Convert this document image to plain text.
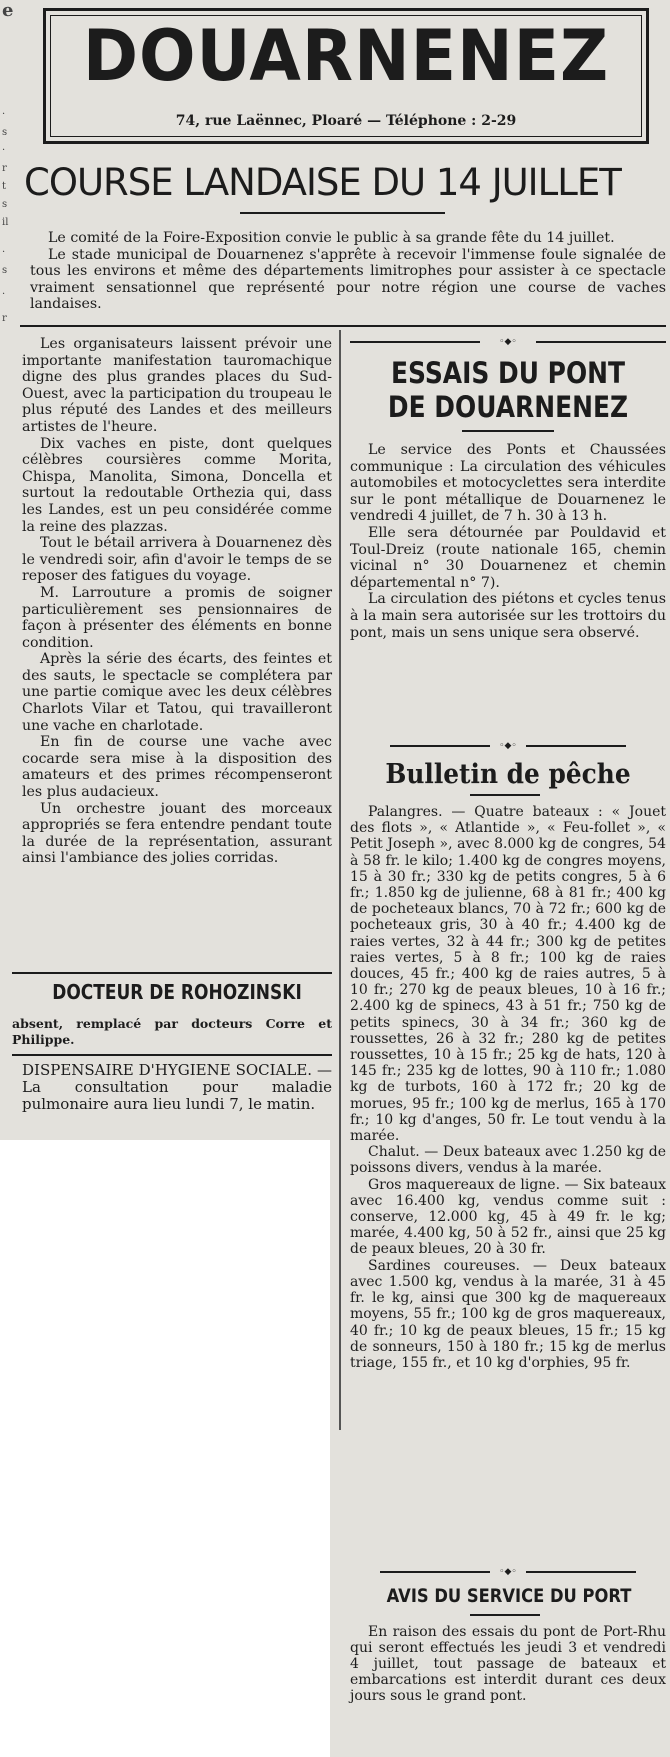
e
·
s
·
r
t
s
il
·
s
·
r
DOUARNENEZ
74, rue Laënnec, Ploaré — Téléphone : 2-29
COURSE LANDAISE DU 14 JUILLET

Le comité de la Foire-Exposition convie le public à sa grande fête du 14 juillet.

Le stade municipal de Douarnenez s'apprête à recevoir l'immense foule signalée de tous les environs et même des départements limitrophes pour assister à ce spectacle vraiment sensationnel que représenté pour notre région une course de vaches landaises.

Les organisateurs laissent prévoir une importante manifestation tauromachique digne des plus grandes places du Sud-Ouest, avec la participation du troupeau le plus réputé des Landes et des meilleurs artistes de l'heure.

Dix vaches en piste, dont quelques célèbres coursières comme Morita, Chispa, Manolita, Simona, Doncella et surtout la redoutable Orthezia qui, dass les Landes, est un peu considérée comme la reine des plazzas.

Tout le bétail arrivera à Douarnenez dès le vendredi soir, afin d'avoir le temps de se reposer des fatigues du voyage.

M. Larrouture a promis de soigner particulièrement ses pensionnaires de façon à présenter des éléments en bonne condition.

Après la série des écarts, des feintes et des sauts, le spectacle se complétera par une partie comique avec les deux célèbres Charlots Vilar et Tatou, qui travailleront une vache en charlotade.

En fin de course une vache avec cocarde sera mise à la disposition des amateurs et des primes récompenseront les plus audacieux.

Un orchestre jouant des morceaux appropriés se fera entendre pendant toute la durée de la représentation, assurant ainsi l'ambiance des jolies corridas.

DOCTEUR DE ROHOZINSKI
absent, remplacé par docteurs Corre et Philippe.
DISPENSAIRE D'HYGIENE SOCIALE. — La consultation pour maladie pulmonaire aura lieu lundi 7, le matin.
◦◆◦
ESSAIS DU PONT
DE DOUARNENEZ

Le service des Ponts et Chaussées communique : La circulation des véhicules automobiles et motocyclettes sera interdite sur le pont métallique de Douarnenez le vendredi 4 juillet, de 7 h. 30 à 13 h.

Elle sera détournée par Pouldavid et Toul-Dreiz (route nationale 165, chemin vicinal n° 30 Douarnenez et chemin départemental n° 7).

La circulation des piétons et cycles tenus à la main sera autorisée sur les trottoirs du pont, mais un sens unique sera observé.

◦◆◦
Bulletin de pêche

Palangres. — Quatre bateaux : « Jouet des flots », « Atlantide », « Feu-follet », « Petit Joseph », avec 8.000 kg de congres, 54 à 58 fr. le kilo; 1.400 kg de congres moyens, 15 à 30 fr.; 330 kg de petits congres, 5 à 6 fr.; 1.850 kg de julienne, 68 à 81 fr.; 400 kg de pocheteaux blancs, 70 à 72 fr.; 600 kg de pocheteaux gris, 30 à 40 fr.; 4.400 kg de raies vertes, 32 à 44 fr.; 300 kg de petites raies vertes, 5 à 8 fr.; 100 kg de raies douces, 45 fr.; 400 kg de raies autres, 5 à 10 fr.; 270 kg de peaux bleues, 10 à 16 fr.; 2.400 kg de spinecs, 43 à 51 fr.; 750 kg de petits spinecs, 30 à 34 fr.; 360 kg de roussettes, 26 à 32 fr.; 280 kg de petites roussettes, 10 à 15 fr.; 25 kg de hats, 120 à 145 fr.; 235 kg de lottes, 90 à 110 fr.; 1.080 kg de turbots, 160 à 172 fr.; 20 kg de morues, 95 fr.; 100 kg de merlus, 165 à 170 fr.; 10 kg d'anges, 50 fr. Le tout vendu à la marée.

Chalut. — Deux bateaux avec 1.250 kg de poissons divers, vendus à la marée.

Gros maquereaux de ligne. — Six bateaux avec 16.400 kg, vendus comme suit : conserve, 12.000 kg, 45 à 49 fr. le kg; marée, 4.400 kg, 50 à 52 fr., ainsi que 25 kg de peaux bleues, 20 à 30 fr.

Sardines coureuses. — Deux bateaux avec 1.500 kg, vendus à la marée, 31 à 45 fr. le kg, ainsi que 300 kg de maquereaux moyens, 55 fr.; 100 kg de gros maquereaux, 40 fr.; 10 kg de peaux bleues, 15 fr.; 15 kg de sonneurs, 150 à 180 fr.; 15 kg de merlus triage, 155 fr., et 10 kg d'orphies, 95 fr.

◦◆◦
AVIS DU SERVICE DU PORT

En raison des essais du pont de Port-Rhu qui seront effectués les jeudi 3 et vendredi 4 juillet, tout passage de bateaux et embarcations est interdit durant ces deux jours sous le grand pont.
